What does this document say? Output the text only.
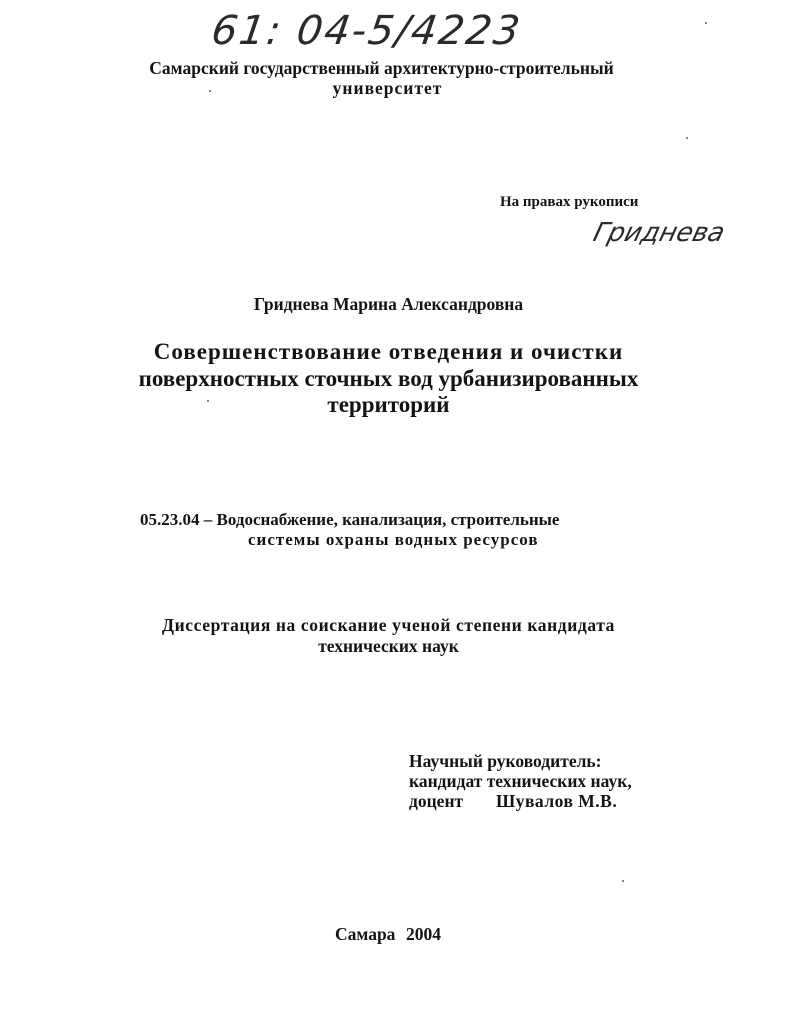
61: 04-5/4223
Самарский государственный архитектурно-строительный
университет
На правах рукописи
Гриднева
Гриднева Марина Александровна
Совершенствование отведения и очистки
поверхностных сточных вод урбанизированных
территорий
05.23.04 – Водоснабжение, канализация, строительные
системы охраны водных ресурсов
Диссертация на соискание ученой степени кандидата
технических наук
Научный руководитель:
кандидат технических наук,
доцент Шувалов М.В.
Самара 2004
